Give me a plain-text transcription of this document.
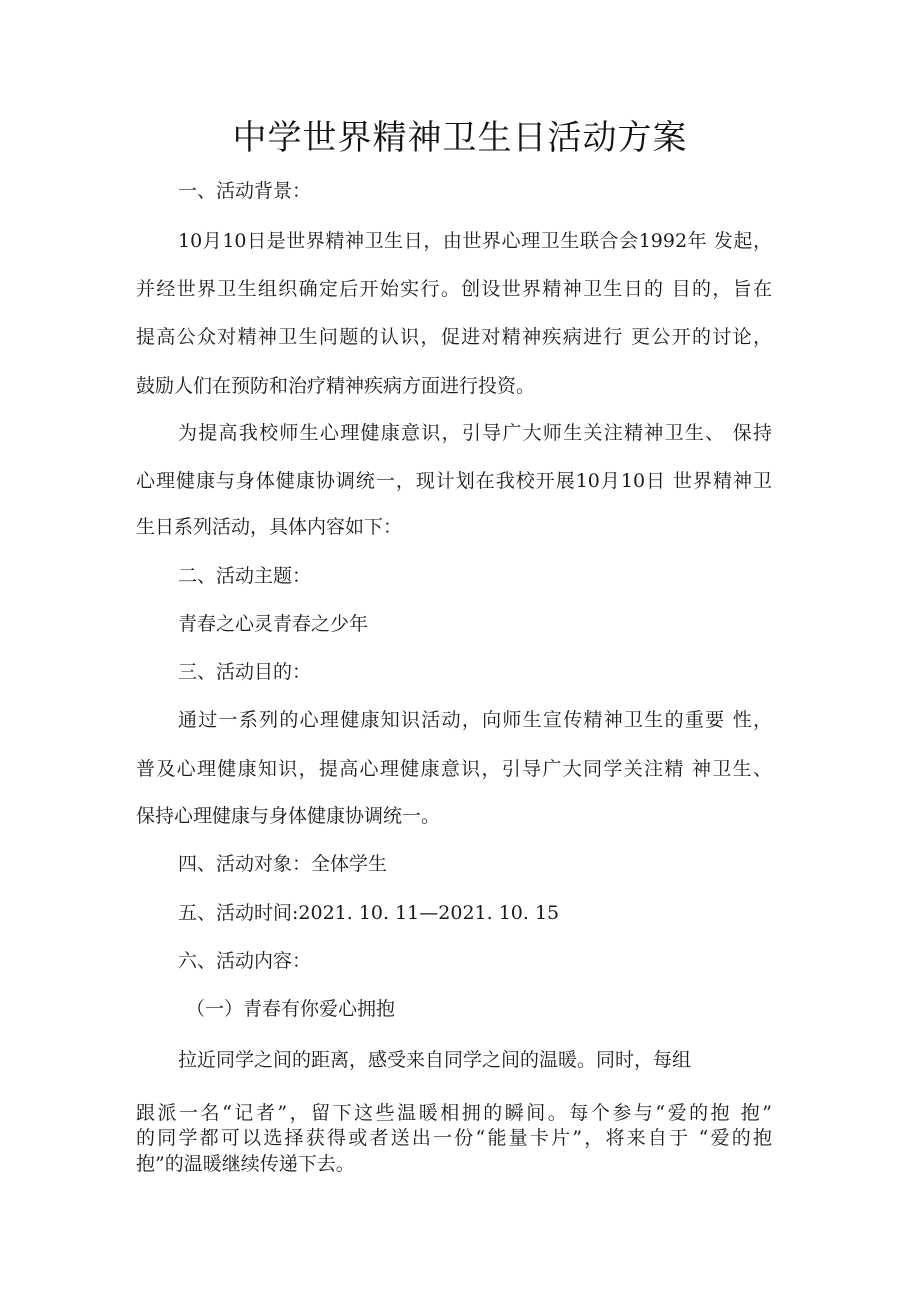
中学世界精神卫生日活动方案
一、活动背景：
10月10日是世界精神卫生日，由世界心理卫生联合会1992年 发起，
并经世界卫生组织确定后开始实行。创设世界精神卫生日的 目的，旨在
提高公众对精神卫生问题的认识，促进对精神疾病进行 更公开的讨论，
鼓励人们在预防和治疗精神疾病方面进行投资。
为提高我校师生心理健康意识，引导广大师生关注精神卫生、 保持
心理健康与身体健康协调统一，现计划在我校开展10月10日 世界精神卫
生日系列活动，具体内容如下：
二、活动主题：
青春之心灵青春之少年
三、活动目的：
通过一系列的心理健康知识活动，向师生宣传精神卫生的重要 性，
普及心理健康知识，提高心理健康意识，引导广大同学关注精 神卫生、
保持心理健康与身体健康协调统一。
四、活动对象：全体学生
五、活动时间:2021. 10. 11—2021. 10. 15
六、活动内容：
（一）青春有你爱心拥抱
拉近同学之间的距离，感受来自同学之间的温暖。同时，每组
跟派一名“记者”，留下这些温暖相拥的瞬间。每个参与“爱的抱 抱”
的同学都可以选择获得或者送出一份“能量卡片”，将来自于 “爱的抱
抱”的温暖继续传递下去。
